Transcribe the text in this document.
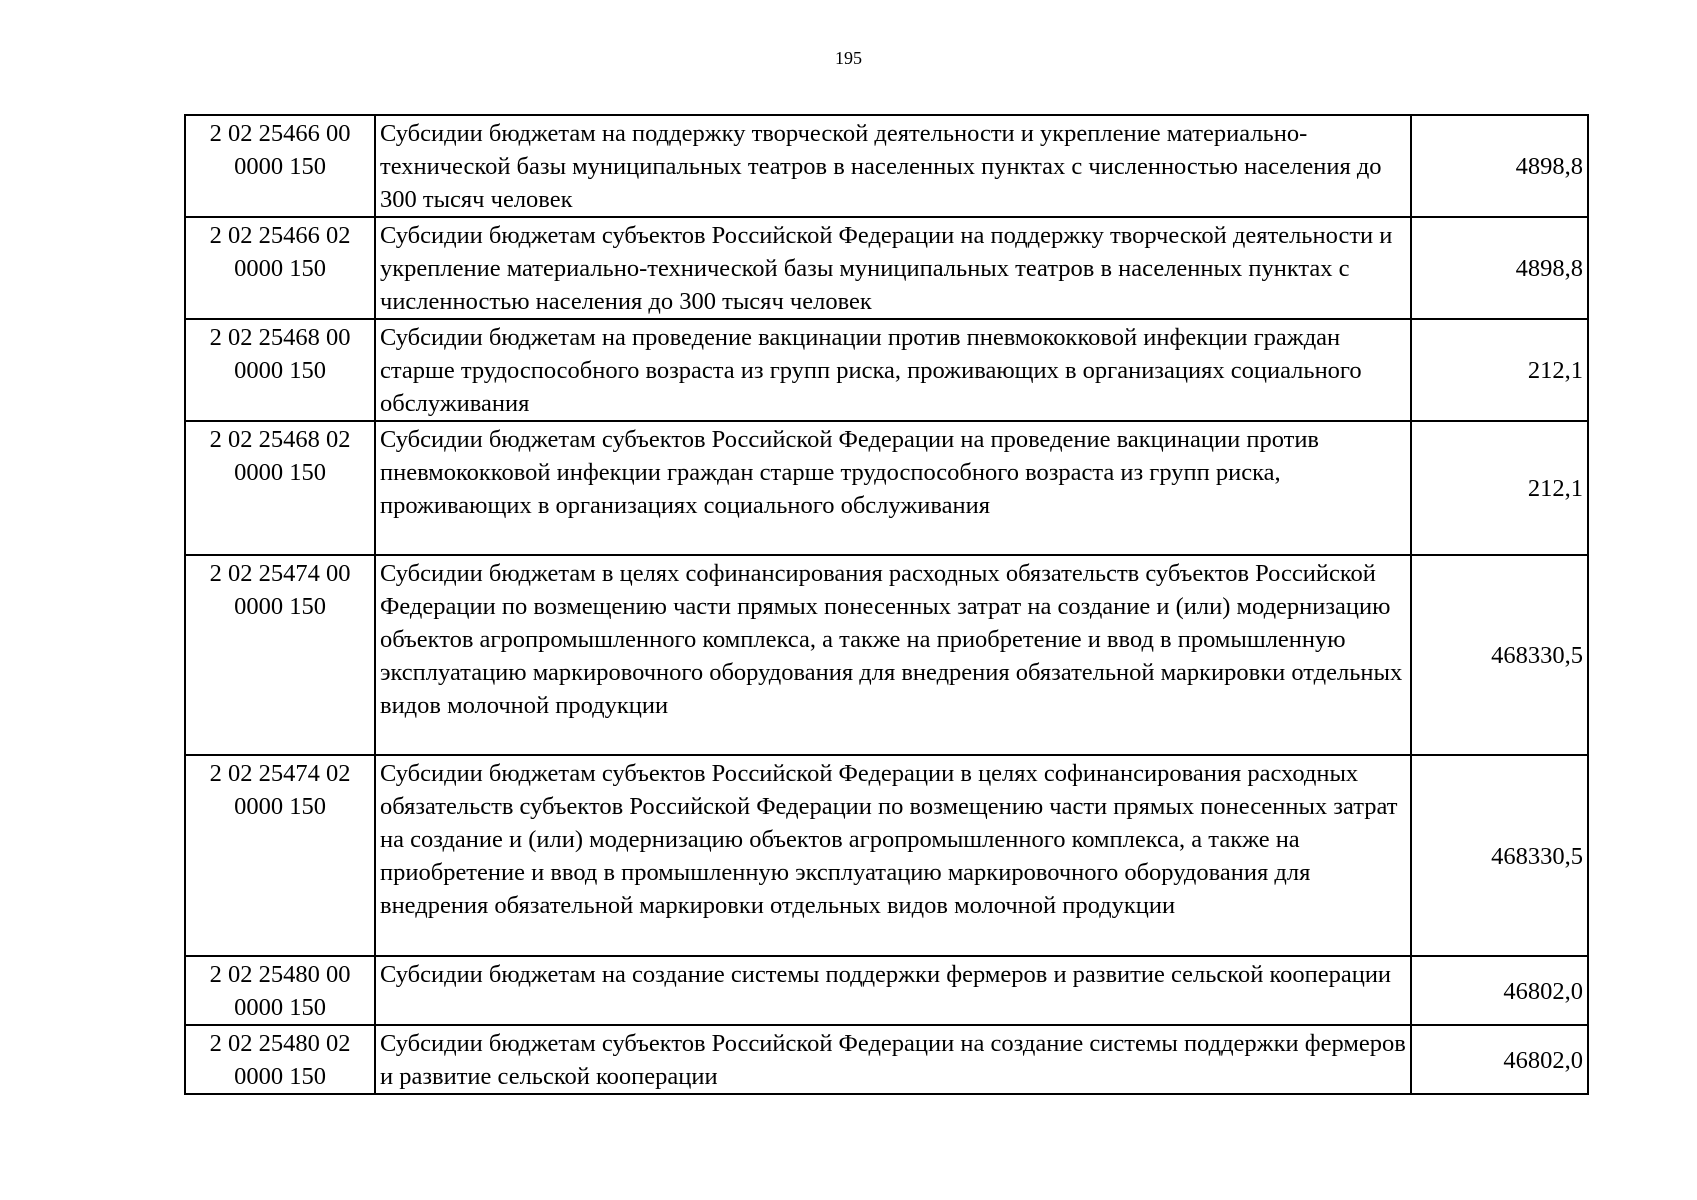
195
2 02 25466 00 0000 150	Субсидии бюджетам на поддержку творческой деятельности и укрепление материально-технической базы муниципальных театров в населенных пунктах с численностью населения до 300 тысяч человек	4898,8
2 02 25466 02 0000 150	Субсидии бюджетам субъектов Российской Федерации на поддержку творческой деятельности и укрепление материально-технической базы муниципальных театров в населенных пунктах с численностью населения до 300 тысяч человек	4898,8
2 02 25468 00 0000 150	Субсидии бюджетам на проведение вакцинации против пневмококковой инфекции граждан старше трудоспособного возраста из групп риска, проживающих в организациях социального обслуживания	212,1
2 02 25468 02 0000 150	Субсидии бюджетам субъектов Российской Федерации на проведение вакцинации против пневмококковой инфекции граждан старше трудоспособного возраста из групп риска, проживающих в организациях социального обслуживания	212,1
2 02 25474 00 0000 150	Субсидии бюджетам в целях софинансирования расходных обязательств субъектов Российской Федерации по возмещению части прямых понесенных затрат на создание и (или) модернизацию объектов агропромышленного комплекса, а также на приобретение и ввод в промышленную эксплуатацию маркировочного оборудования для внедрения обязательной маркировки отдельных видов молочной продукции	468330,5
2 02 25474 02 0000 150	Субсидии бюджетам субъектов Российской Федерации в целях софинансирования расходных обязательств субъектов Российской Федерации по возмещению части прямых понесенных затрат на создание и (или) модернизацию объектов агропромышленного комплекса, а также на приобретение и ввод в промышленную эксплуатацию маркировочного оборудования для внедрения обязательной маркировки отдельных видов молочной продукции	468330,5
2 02 25480 00 0000 150	Субсидии бюджетам на создание системы поддержки фермеров и развитие сельской кооперации	46802,0
2 02 25480 02 0000 150	Субсидии бюджетам субъектов Российской Федерации на создание системы поддержки фермеров и развитие сельской кооперации	46802,0
